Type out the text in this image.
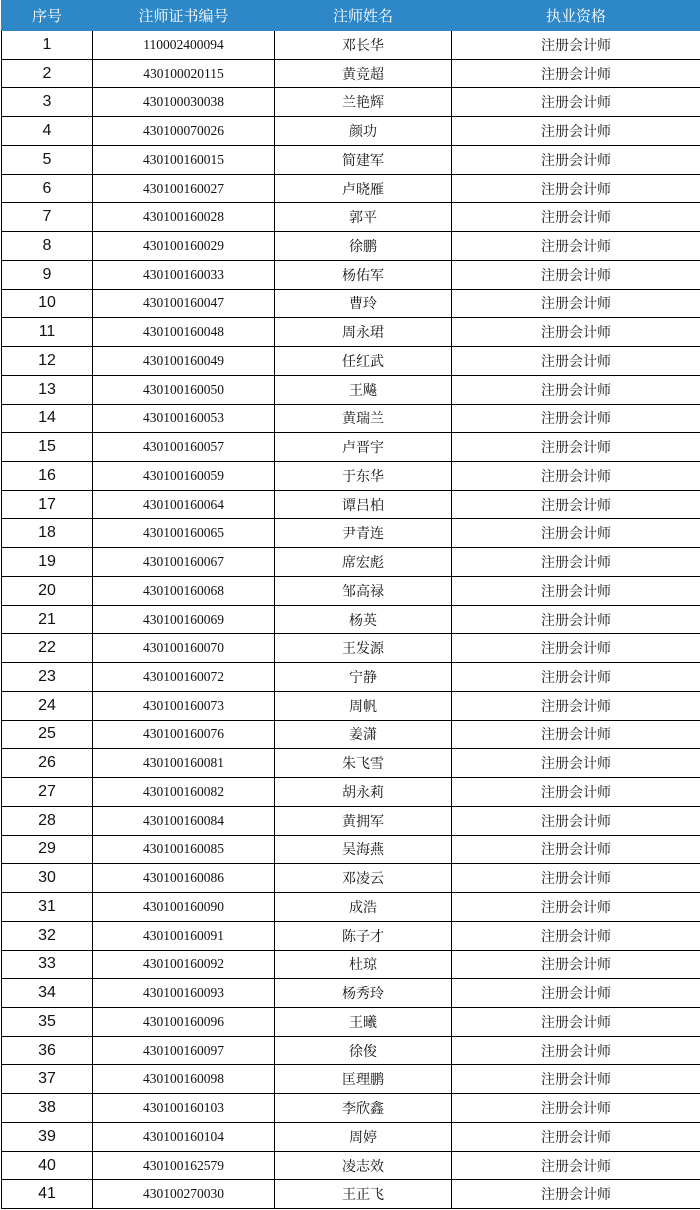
序号	注师证书编号	注师姓名	执业资格
1	110002400094	邓长华	注册会计师
2	430100020115	黄竞超	注册会计师
3	430100030038	兰艳辉	注册会计师
4	430100070026	颜功	注册会计师
5	430100160015	简建军	注册会计师
6	430100160027	卢晓雁	注册会计师
7	430100160028	郭平	注册会计师
8	430100160029	徐鹏	注册会计师
9	430100160033	杨佑军	注册会计师
10	430100160047	曹玲	注册会计师
11	430100160048	周永珺	注册会计师
12	430100160049	任红武	注册会计师
13	430100160050	王飚	注册会计师
14	430100160053	黄瑞兰	注册会计师
15	430100160057	卢晋宇	注册会计师
16	430100160059	于东华	注册会计师
17	430100160064	谭吕柏	注册会计师
18	430100160065	尹青连	注册会计师
19	430100160067	席宏彪	注册会计师
20	430100160068	邹高禄	注册会计师
21	430100160069	杨英	注册会计师
22	430100160070	王发源	注册会计师
23	430100160072	宁静	注册会计师
24	430100160073	周帆	注册会计师
25	430100160076	姜潇	注册会计师
26	430100160081	朱飞雪	注册会计师
27	430100160082	胡永莉	注册会计师
28	430100160084	黄拥军	注册会计师
29	430100160085	吴海燕	注册会计师
30	430100160086	邓凌云	注册会计师
31	430100160090	成浩	注册会计师
32	430100160091	陈子才	注册会计师
33	430100160092	杜琼	注册会计师
34	430100160093	杨秀玲	注册会计师
35	430100160096	王曦	注册会计师
36	430100160097	徐俊	注册会计师
37	430100160098	匡理鹏	注册会计师
38	430100160103	李欣鑫	注册会计师
39	430100160104	周婷	注册会计师
40	430100162579	凌志效	注册会计师
41	430100270030	王正飞	注册会计师
